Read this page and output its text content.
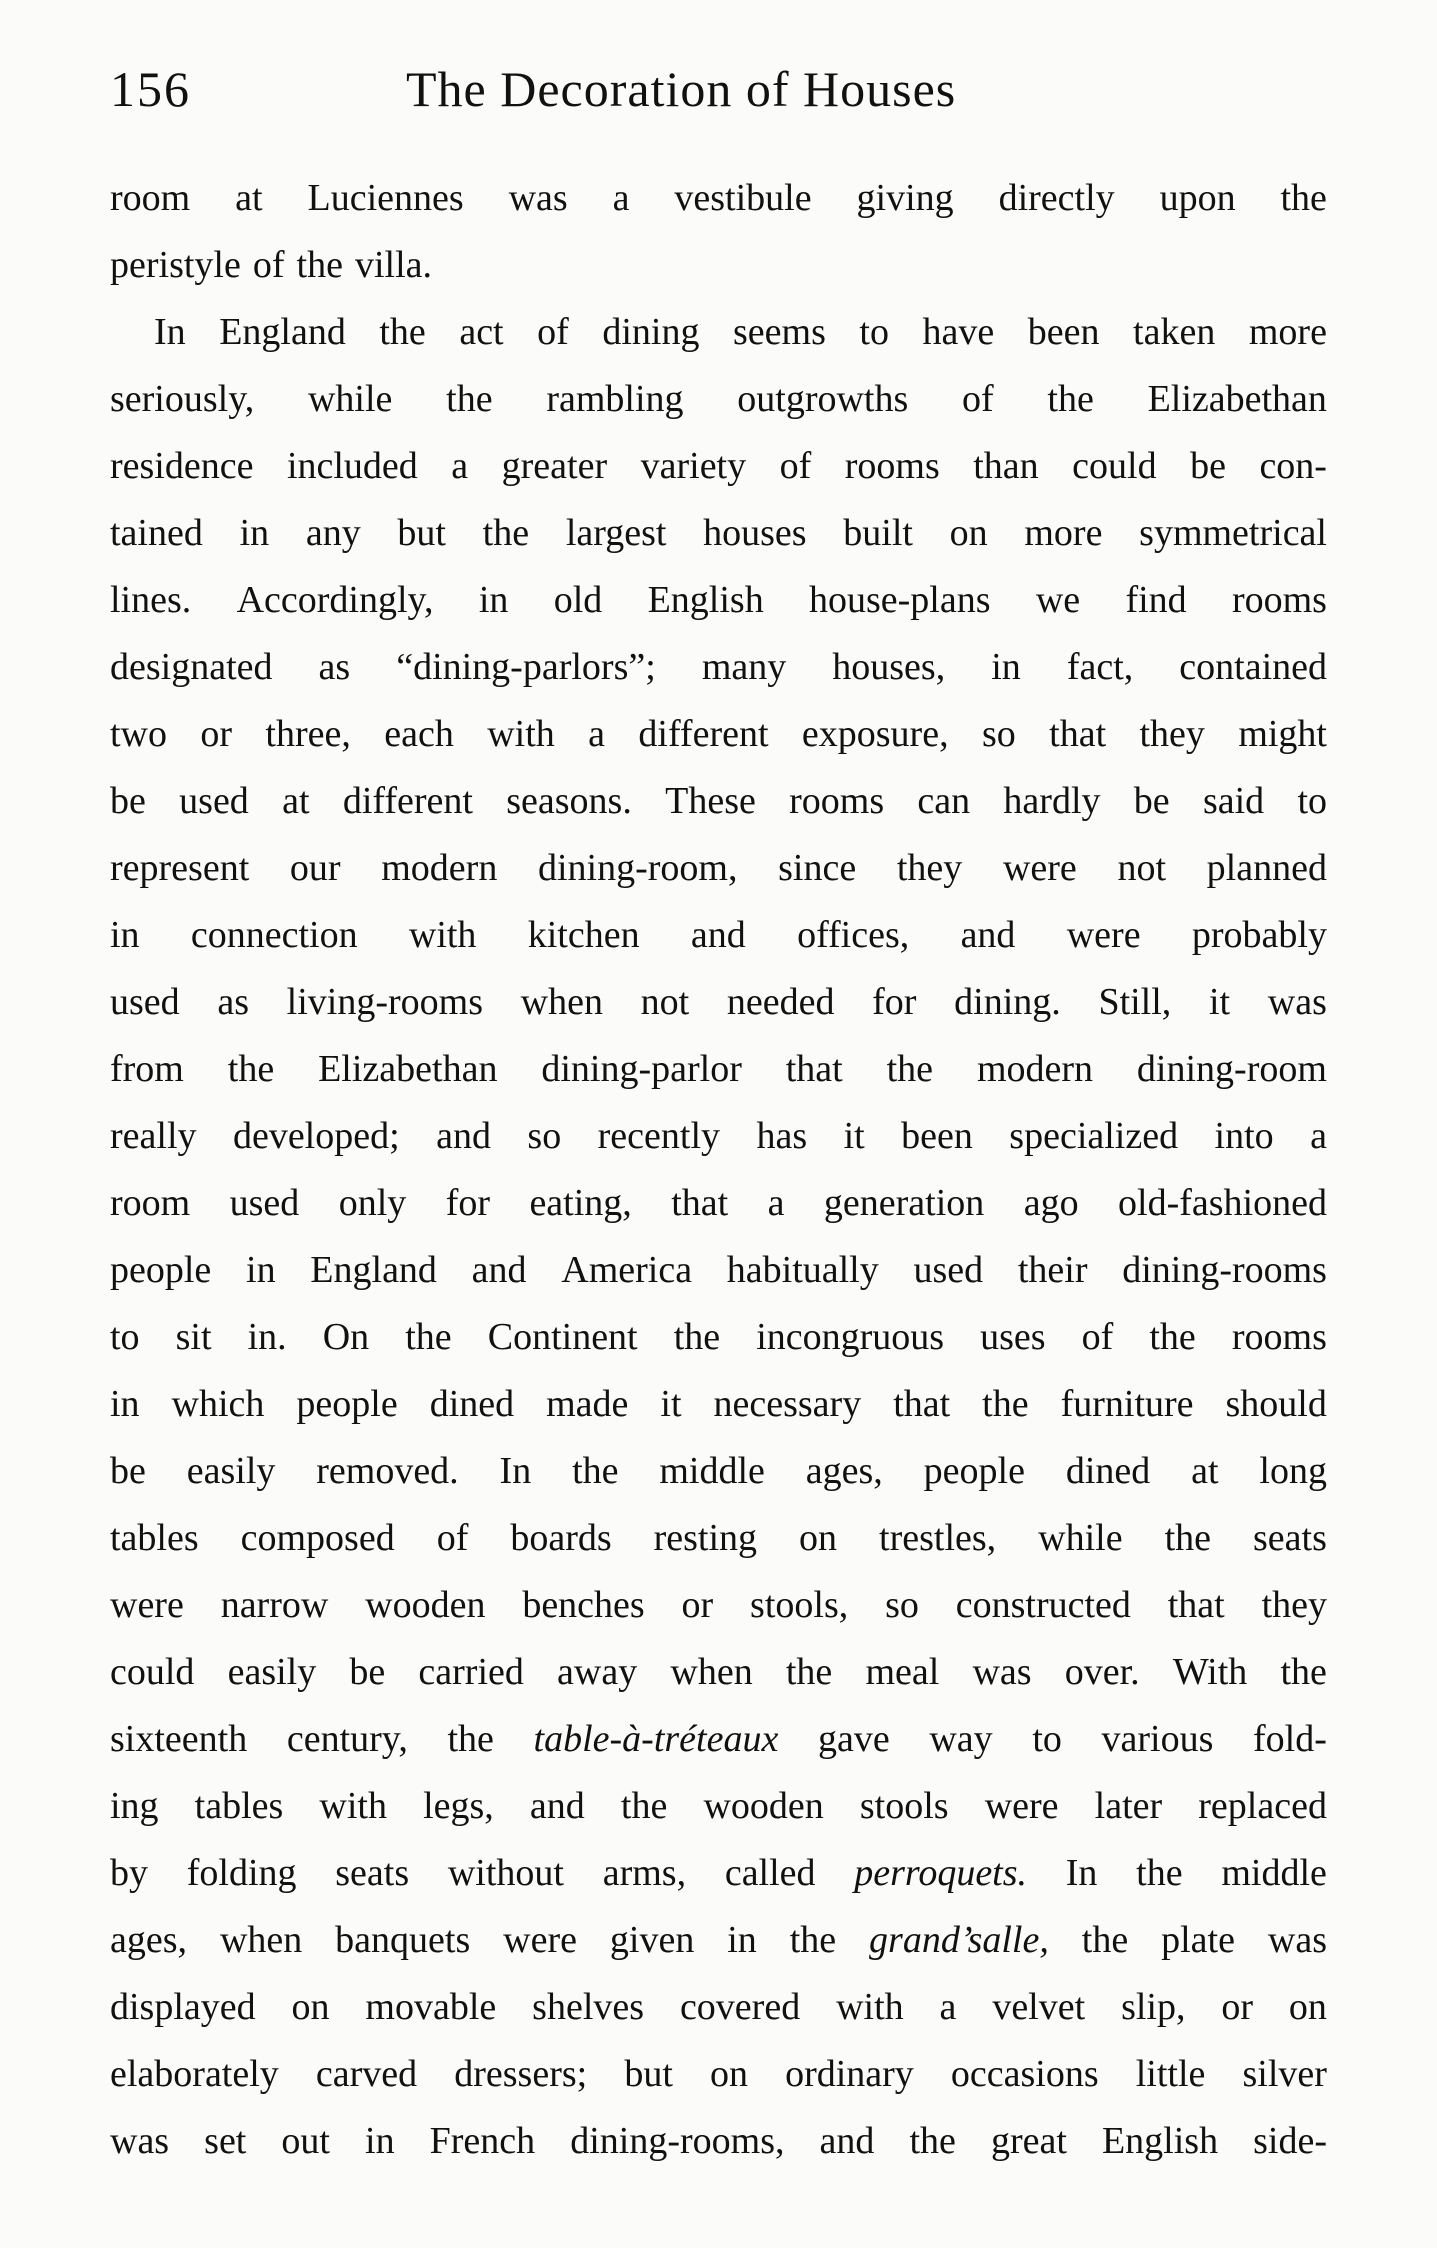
156	The Decoration of Houses
room at Luciennes was a vestibule giving directly upon the
peristyle of the villa.
In England the act of dining seems to have been taken more
seriously, while the rambling outgrowths of the Elizabethan
residence included a greater variety of rooms than could be con-
tained in any but the largest houses built on more symmetrical
lines. Accordingly, in old English house-plans we find rooms
designated as “dining-parlors”; many houses, in fact, contained
two or three, each with a different exposure, so that they might
be used at different seasons. These rooms can hardly be said to
represent our modern dining-room, since they were not planned
in connection with kitchen and offices, and were probably
used as living-rooms when not needed for dining. Still, it was
from the Elizabethan dining-parlor that the modern dining-room
really developed; and so recently has it been specialized into a
room used only for eating, that a generation ago old-fashioned
people in England and America habitually used their dining-rooms
to sit in. On the Continent the incongruous uses of the rooms
in which people dined made it necessary that the furniture should
be easily removed. In the middle ages, people dined at long
tables composed of boards resting on trestles, while the seats
were narrow wooden benches or stools, so constructed that they
could easily be carried away when the meal was over. With the
sixteenth century, the table-à-tréteaux gave way to various fold-
ing tables with legs, and the wooden stools were later replaced
by folding seats without arms, called perroquets. In the middle
ages, when banquets were given in the grand’salle, the plate was
displayed on movable shelves covered with a velvet slip, or on
elaborately carved dressers; but on ordinary occasions little silver
was set out in French dining-rooms, and the great English side-
